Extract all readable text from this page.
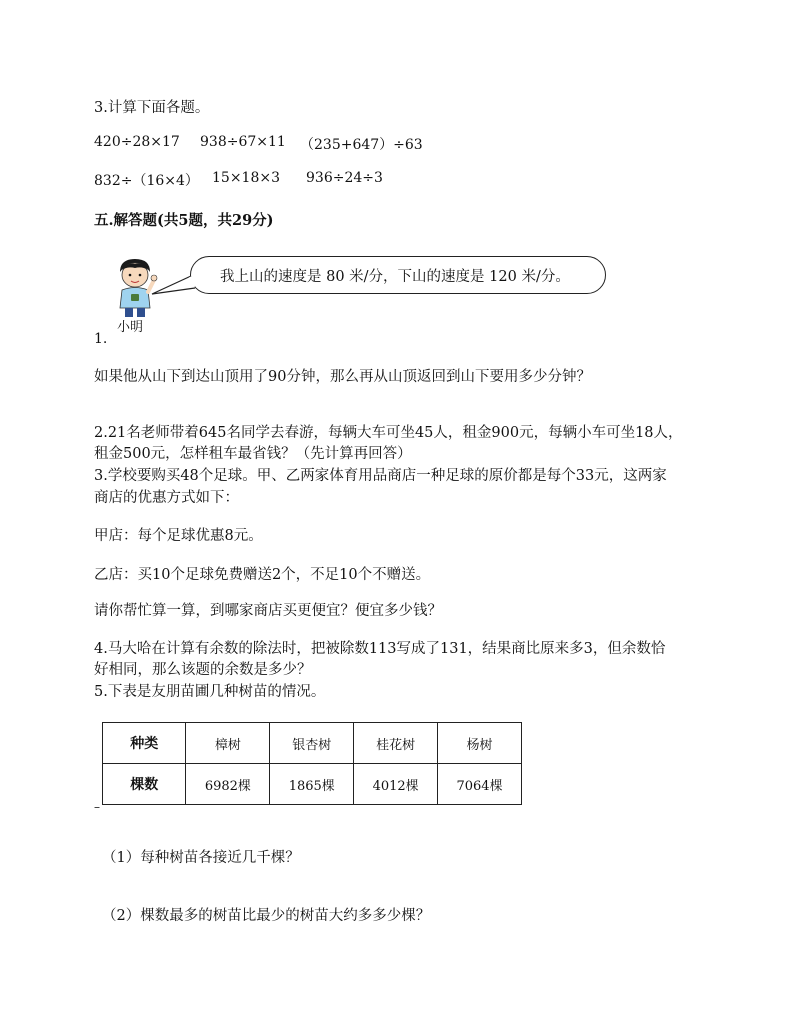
3.计算下面各题。
420÷28×17 938÷67×11 （235+647）÷63
832÷（16×4） 15×18×3 936÷24÷3
五.解答题(共5题，共29分)
小明
我上山的速度是 80 米/分，下山的速度是 120 米/分。
1.
如果他从山下到达山顶用了90分钟，那么再从山顶返回到山下要用多少分钟？
2.21名老师带着645名同学去春游，每辆大车可坐45人，租金900元，每辆小车可坐18人，
租金500元，怎样租车最省钱？（先计算再回答）
3.学校要购买48个足球。甲、乙两家体育用品商店一种足球的原价都是每个33元，这两家
商店的优惠方式如下：
甲店：每个足球优惠8元。
乙店：买10个足球免费赠送2个，不足10个不赠送。
请你帮忙算一算，到哪家商店买更便宜？便宜多少钱？
4.马大哈在计算有余数的除法时，把被除数113写成了131，结果商比原来多3，但余数恰
好相同，那么该题的余数是多少？
5.下表是友朋苗圃几种树苗的情况。
种类	樟树	银杏树	桂花树	杨树
棵数	6982棵	1865棵	4012棵	7064棵
–
（1）每种树苗各接近几千棵？
（2）棵数最多的树苗比最少的树苗大约多多少棵？
